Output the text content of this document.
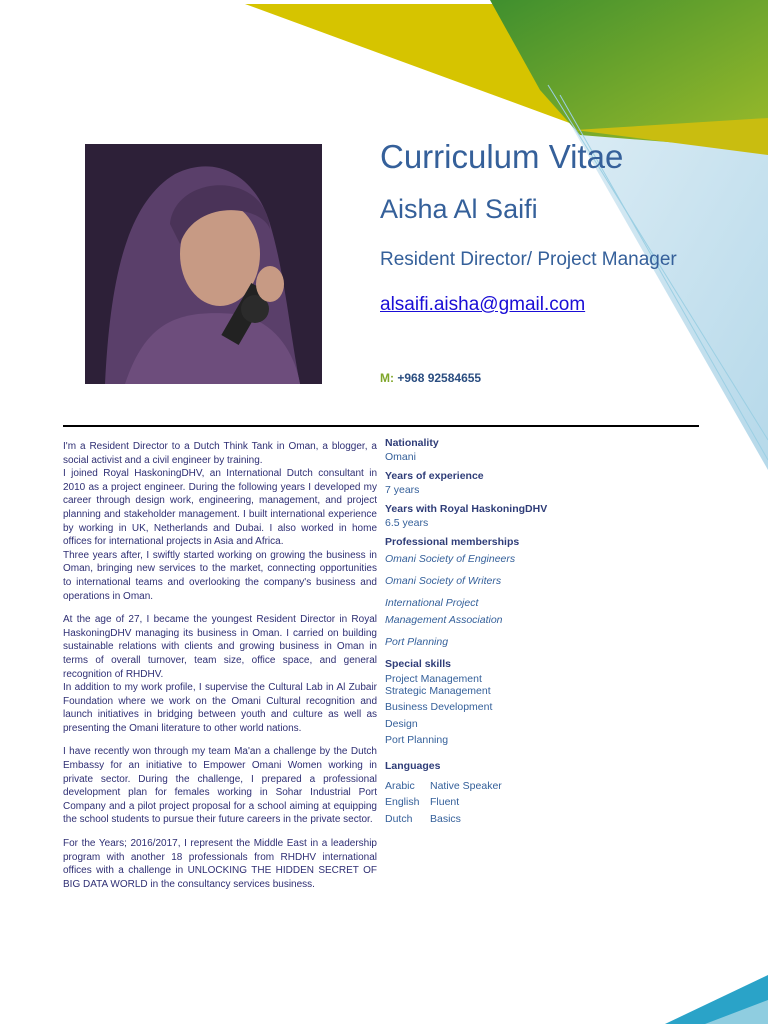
Curriculum Vitae
Aisha Al Saifi
Resident Director/ Project Manager
alsaifi.aisha@gmail.com
M: +968 92584655

I'm a Resident Director to a Dutch Think Tank in Oman, a blogger, a social activist and a civil engineer by training.

I joined Royal HaskoningDHV, an International Dutch consultant in 2010 as a project engineer. During the following years I developed my career through design work, engineering, management, and project planning and stakeholder management. I built international experience by working in UK, Netherlands and Dubai. I also worked in home offices for international projects in Asia and Africa.

Three years after, I swiftly started working on growing the business in Oman, bringing new services to the market, connecting opportunities to international teams and overlooking the company's business and operations in Oman.

At the age of 27, I became the youngest Resident Director in Royal HaskoningDHV managing its business in Oman. I carried on building sustainable relations with clients and growing business in Oman in terms of overall turnover, team size, office space, and general recognition of RHDHV.

In addition to my work profile, I supervise the Cultural Lab in Al Zubair Foundation where we work on the Omani Cultural recognition and launch initiatives in bridging between youth and culture as well as presenting the Omani literature to other world nations.

I have recently won through my team Ma'an a challenge by the Dutch Embassy for an initiative to Empower Omani Women working in private sector. During the challenge, I prepared a professional development plan for females working in Sohar Industrial Port Company and a pilot project proposal for a school aiming at equipping the school students to pursue their future careers in the private sector.

For the Years; 2016/2017, I represent the Middle East in a leadership program with another 18 professionals from RHDHV international offices with a challenge in UNLOCKING THE HIDDEN SECRET OF BIG DATA WORLD in the consultancy services business.

Nationality
Omani
Years of experience
7 years
Years with Royal HaskoningDHV
6.5 years
Professional memberships
Omani Society of Engineers
Omani Society of Writers
International Project
Management Association
Port Planning
Special skills
Project Management
Strategic Management
Business Development
Design
Port Planning
Languages
Arabic	Native Speaker
English	Fluent
Dutch	Basics
